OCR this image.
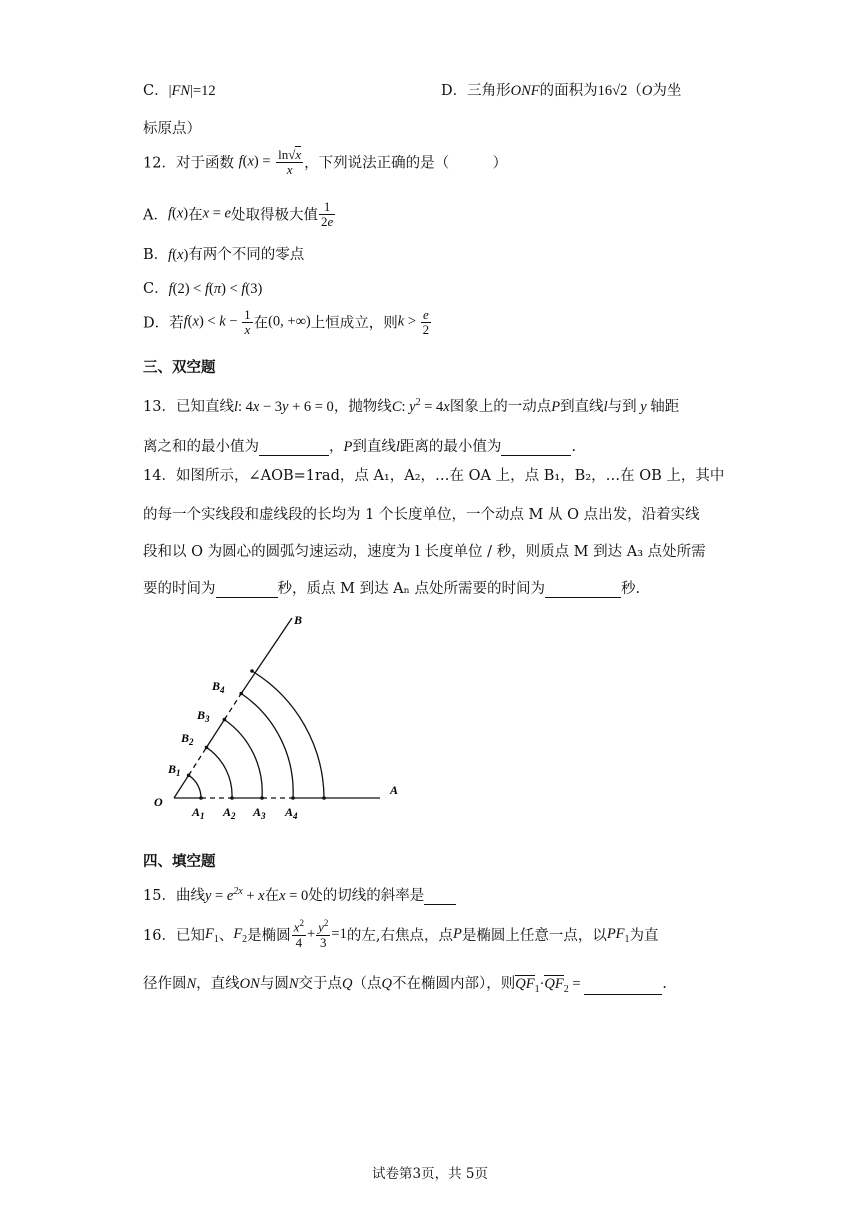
C．|FN|=12	D．三角形ONF的面积为16√2（O为坐
标原点）
12．对于函数 $f(x) = \frac{\ln√x}{x}$ ，下列说法正确的是（　　　）
A．f(x)在x = e处取得极大值 $\frac{1}{2e}$
B．f(x)有两个不同的零点
C．f(2) < f(π) < f(3)
D．若$f(x) < k - \frac{1}{x}$ 在(0, +∞)上恒成立，则$k > \frac{e}{2}$
三、双空题
13．已知直线l: 4x − 3y + 6 = 0，抛物线C: $y^2 = 4x$图象上的一动点P到直线l与到 y 轴距
离之和的最小值为	，P到直线l距离的最小值为	.
14．如图所示，∠AOB=1rad，点 A₁，A₂，…在 OA 上，点 B₁，B₂，…在 OB 上，其中
的每一个实线段和虚线段的长均为 1 个长度单位，一个动点 M 从 O 点出发，沿着实线
段和以 O 为圆心的圆弧匀速运动，速度为 l 长度单位 / 秒，则质点 M 到达 A₃ 点处所需
要的时间为	秒，质点 M 到达 Aₙ 点处所需要的时间为	秒.
O
A
B
$A_1$ $A_2$ $A_3$ $A_4$
$B_1$
$B_2$
$B_3$
$B_4$
四、填空题
15．曲线$y = e^{2x} + x$在x = 0处的切线的斜率是
16．已知$F_1$、$F_2$是椭圆 $\frac{x^2}{4} + \frac{y^2}{3} =1$的左,右焦点，点P是椭圆上任意一点，以$PF_1$为直
径作圆N，直线ON与圆N交于点Q（点Q不在椭圆内部），则$QF_1\cdot QF_2$ =	.
试卷第3页，共 5页
